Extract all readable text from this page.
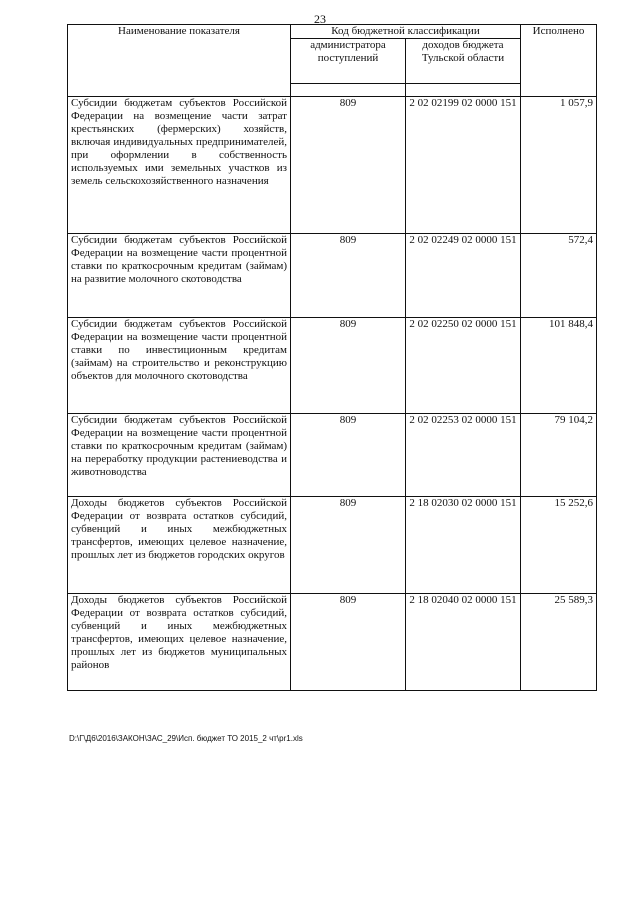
23
Наименование показателя	Код бюджетной классификации		Исполнено
	администратора поступлений	доходов бюджета Тульской области	

Субсидии бюджетам субъектов Российской Федерации на возмещение части затрат крестьянских (фермерских) хозяйств, включая индивидуальных предпринимателей, при оформлении в собственность используемых ими земельных участков из земель сельскохозяйственного назначения	809	2 02 02199 02 0000 151	1 057,9
Субсидии бюджетам субъектов Российской Федерации на возмещение части процентной ставки по краткосрочным кредитам (займам) на развитие молочного скотоводства	809	2 02 02249 02 0000 151	572,4
Субсидии бюджетам субъектов Российской Федерации на возмещение части процентной ставки по инвестиционным кредитам (займам) на строительство и реконструкцию объектов для молочного скотоводства	809	2 02 02250 02 0000 151	101 848,4
Субсидии бюджетам субъектов Российской Федерации на возмещение части процентной ставки по краткосрочным кредитам (займам) на переработку продукции растениеводства и животноводства	809	2 02 02253 02 0000 151	79 104,2
Доходы бюджетов субъектов Российской Федерации от возврата остатков субсидий, субвенций и иных межбюджетных трансфертов, имеющих целевое назначение, прошлых лет из бюджетов городских округов	809	2 18 02030 02 0000 151	15 252,6
Доходы бюджетов субъектов Российской Федерации от возврата остатков субсидий, субвенций и иных межбюджетных трансфертов, имеющих целевое назначение, прошлых лет из бюджетов муниципальных районов	809	2 18 02040 02 0000 151	25 589,3
D:\Г\Д6\2016\ЗАКОН\ЗАС_29\Исп. бюджет ТО 2015_2 чт\pr1.xls
